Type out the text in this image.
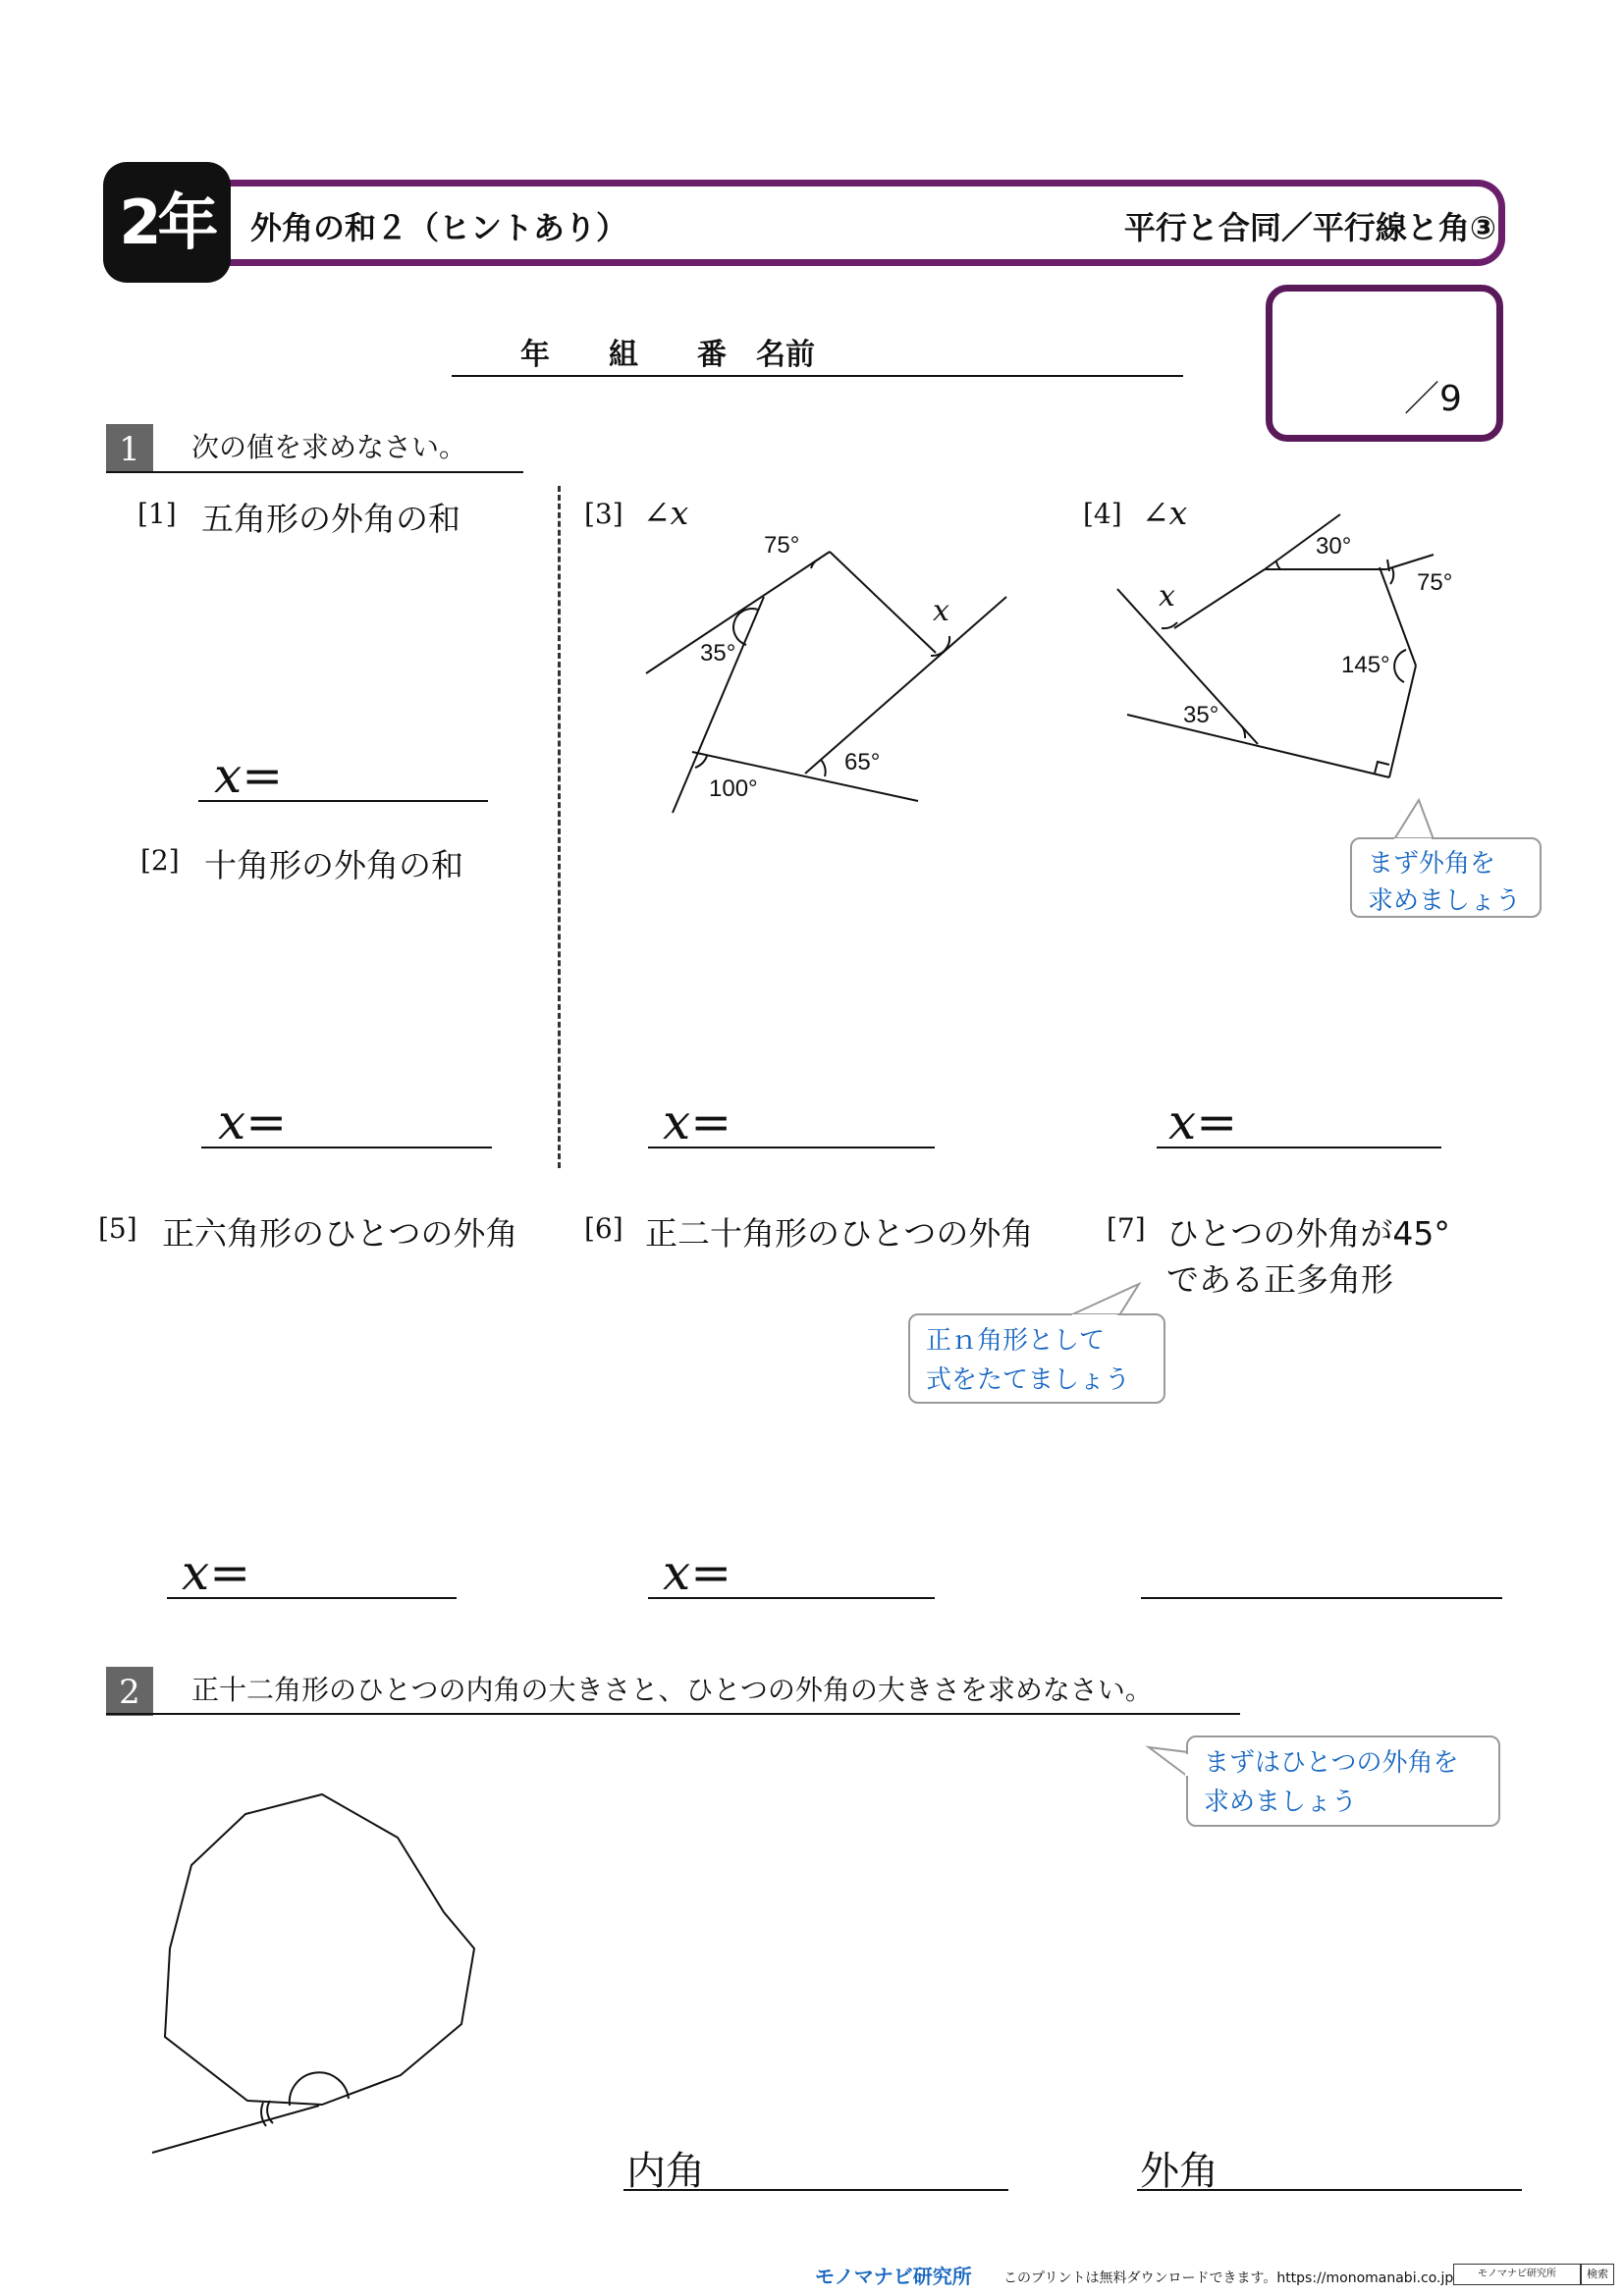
2年	外角の和２（ヒントあり）	平行と合同／平行線と角③
年　　組　　番　名前
／9
1	次の値を求めなさい。
[1] 五角形の外角の和
x=
[2] 十角形の外角の和
x=
[3] ∠x
75°
x
35°
65°
100°
x=
[4] ∠x
x
30°
75°
145°
35°
まず外角を
求めましょう
x=
[5] 正六角形のひとつの外角
x=
[6] 正二十角形のひとつの外角
正ｎ角形として
式をたてましょう
x=
[7] ひとつの外角が45°
である正多角形
2	正十二角形のひとつの内角の大きさと、ひとつの外角の大きさを求めなさい。
まずはひとつの外角を
求めましょう
内角	外角
モノマナビ研究所 このプリントは無料ダウンロードできます。https://monomanabi.co.jp	モノマナビ研究所	検索
